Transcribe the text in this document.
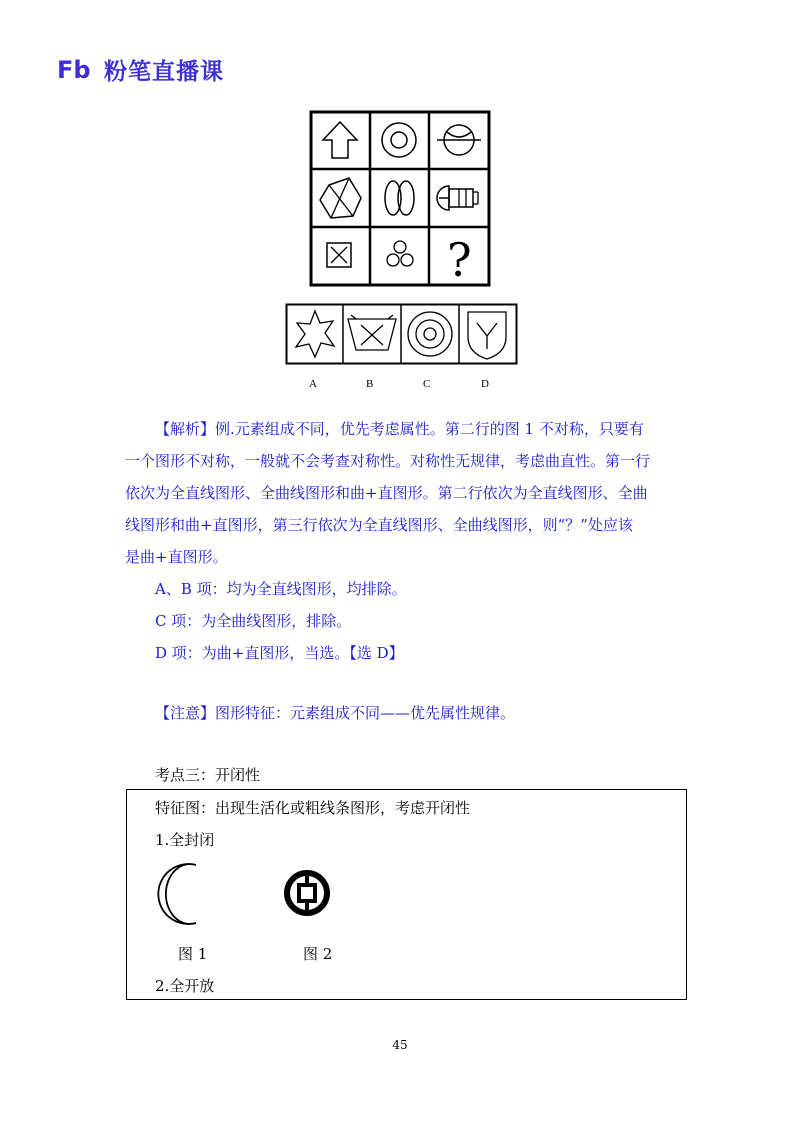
Fb 粉笔直播课
?
A	B	C	D
【解析】例.元素组成不同，优先考虑属性。第二行的图 1 不对称，只要有
一个图形不对称，一般就不会考查对称性。对称性无规律，考虑曲直性。第一行
依次为全直线图形、全曲线图形和曲+直图形。第二行依次为全直线图形、全曲
线图形和曲+直图形，第三行依次为全直线图形、全曲线图形，则“？”处应该
是曲+直图形。
A、B 项：均为全直线图形，均排除。
C 项：为全曲线图形，排除。
D 项：为曲+直图形，当选。【选 D】
【注意】图形特征：元素组成不同——优先属性规律。
考点三：开闭性
特征图：出现生活化或粗线条图形，考虑开闭性
1.全封闭
图 1	图 2
2.全开放
45
